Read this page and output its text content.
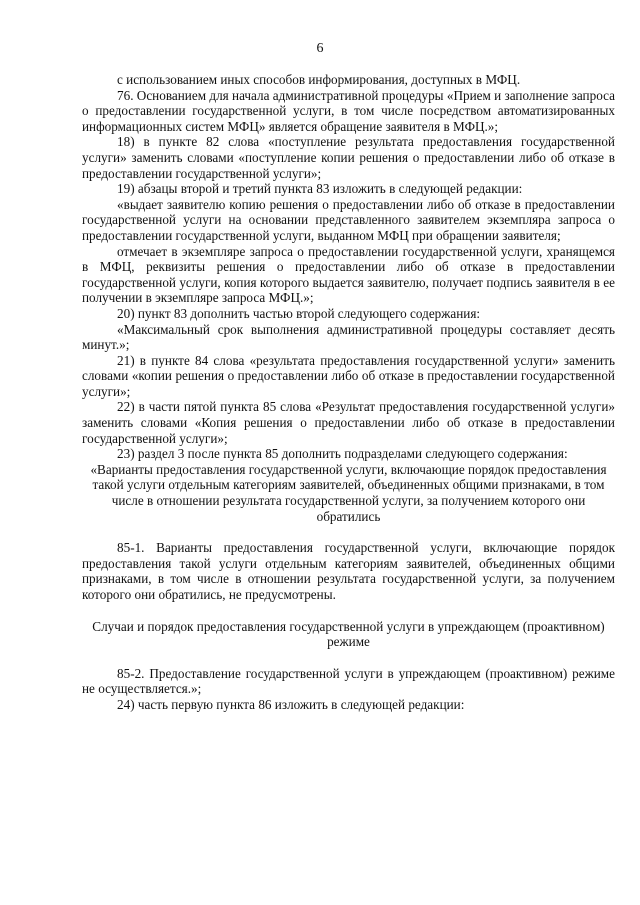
6

с использованием иных способов информирования, доступных в МФЦ.

76. Основанием для начала административной процедуры «Прием и заполнение запроса о предоставлении государственной услуги, в том числе посредством автоматизированных информационных систем МФЦ» является обращение заявителя в МФЦ.»;

18) в пункте 82 слова «поступление результата предоставления государственной услуги» заменить словами «поступление копии решения о предоставлении либо об отказе в предоставлении государственной услуги»;

19) абзацы второй и третий пункта 83 изложить в следующей редакции:

«выдает заявителю копию решения о предоставлении либо об отказе в предоставлении государственной услуги на основании представленного заявителем экземпляра запроса о предоставлении государственной услуги, выданном МФЦ при обращении заявителя;

отмечает в экземпляре запроса о предоставлении государственной услуги, хранящемся в МФЦ, реквизиты решения о предоставлении либо об отказе в предоставлении государственной услуги, копия которого выдается заявителю, получает подпись заявителя в ее получении в экземпляре запроса МФЦ.»;

20) пункт 83 дополнить частью второй следующего содержания:

«Максимальный срок выполнения административной процедуры составляет десять минут.»;

21) в пункте 84 слова «результата предоставления государственной услуги» заменить словами «копии решения о предоставлении либо об отказе в предоставлении государственной услуги»;

22) в части пятой пункта 85 слова «Результат предоставления государственной услуги» заменить словами «Копия решения о предоставлении либо об отказе в предоставлении государственной услуги»;

23) раздел 3 после пункта 85 дополнить подразделами следующего содержания:

«Варианты предоставления государственной услуги, включающие порядок предоставления такой услуги отдельным категориям заявителей, объединенных общими признаками, в том числе в отношении результата государственной услуги, за получением которого они обратились

85-1. Варианты предоставления государственной услуги, включающие порядок предоставления такой услуги отдельным категориям заявителей, объединенных общими признаками, в том числе в отношении результата государственной услуги, за получением которого они обратились, не предусмотрены.

Случаи и порядок предоставления государственной услуги в упреждающем (проактивном) режиме

85-2. Предоставление государственной услуги в упреждающем (проактивном) режиме не осуществляется.»;

24) часть первую пункта 86 изложить в следующей редакции:
